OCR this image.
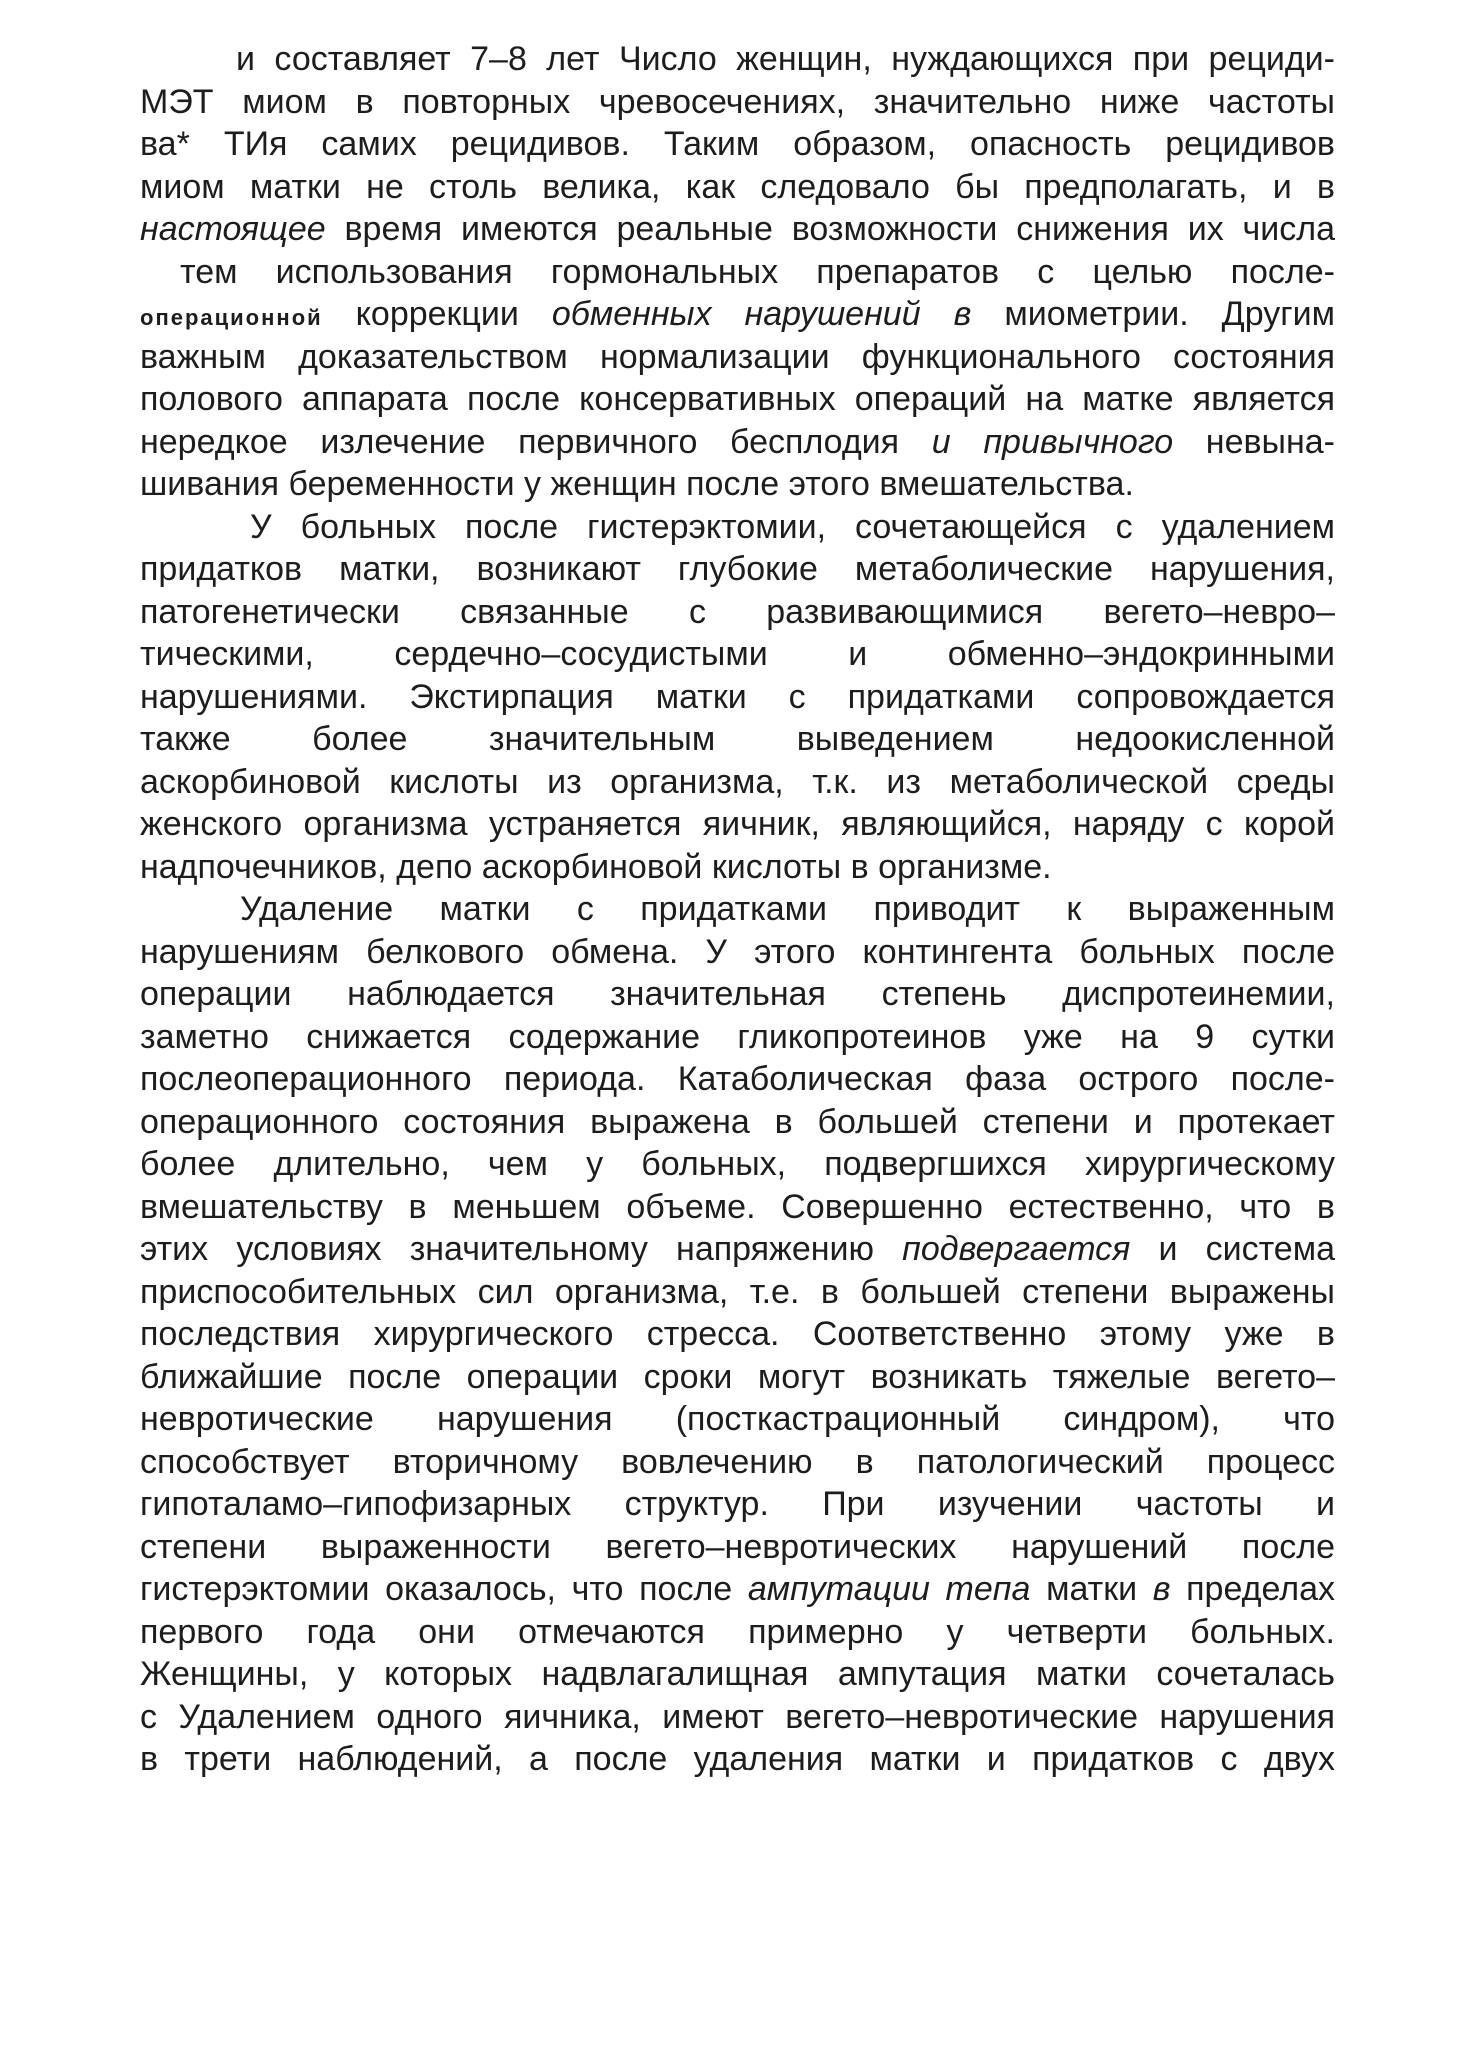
и составляет 7–8 лет Число женщин, нуждающихся при рециди-
МЭТ миом в повторных чревосечениях, значительно ниже частоты
ва* ТИя самих рецидивов. Таким образом, опасность рецидивов
миом матки не столь велика, как следовало бы предполагать, и в
настоящее время имеются реальные возможности снижения их числа
тем использования гормональных препаратов с целью после-
операционной коррекции обменных нарушений в миометрии. Другим
важным доказательством нормализации функционального состояния
полового аппарата после консервативных операций на матке является
нередкое излечение первичного бесплодия и привычного невына-
шивания беременности у женщин после этого вмешательства.
У больных после гистерэктомии, сочетающейся с удалением
придатков матки, возникают глубокие метаболические нарушения,
патогенетически связанные с развивающимися вегето–невро–
тическими, сердечно–сосудистыми и обменно–эндокринными
нарушениями. Экстирпация матки с придатками сопровождается
также более значительным выведением недоокисленной
аскорбиновой кислоты из организма, т.к. из метаболической среды
женского организма устраняется яичник, являющийся, наряду с корой
надпочечников, депо аскорбиновой кислоты в организме.
Удаление матки с придатками приводит к выраженным
нарушениям белкового обмена. У этого контингента больных после
операции наблюдается значительная степень диспротеинемии,
заметно снижается содержание гликопротеинов уже на 9 сутки
послеоперационного периода. Катаболическая фаза острого после-
операционного состояния выражена в большей степени и протекает
более длительно, чем у больных, подвергшихся хирургическому
вмешательству в меньшем объеме. Совершенно естественно, что в
этих условиях значительному напряжению подвергается и система
приспособительных сил организма, т.е. в большей степени выражены
последствия хирургического стресса. Соответственно этому уже в
ближайшие после операции сроки могут возникать тяжелые вегето–
невротические нарушения (посткастрационный синдром), что
способствует вторичному вовлечению в патологический процесс
гипоталамо–гипофизарных структур. При изучении частоты и
степени выраженности вегето–невротических нарушений после
гистерэктомии оказалось, что после ампутации тепа матки в пределах
первого года они отмечаются примерно у четверти больных.
Женщины, у которых надвлагалищная ампутация матки сочеталась
с Удалением одного яичника, имеют вегето–невротические нарушения
в трети наблюдений, а после удаления матки и придатков с двух
